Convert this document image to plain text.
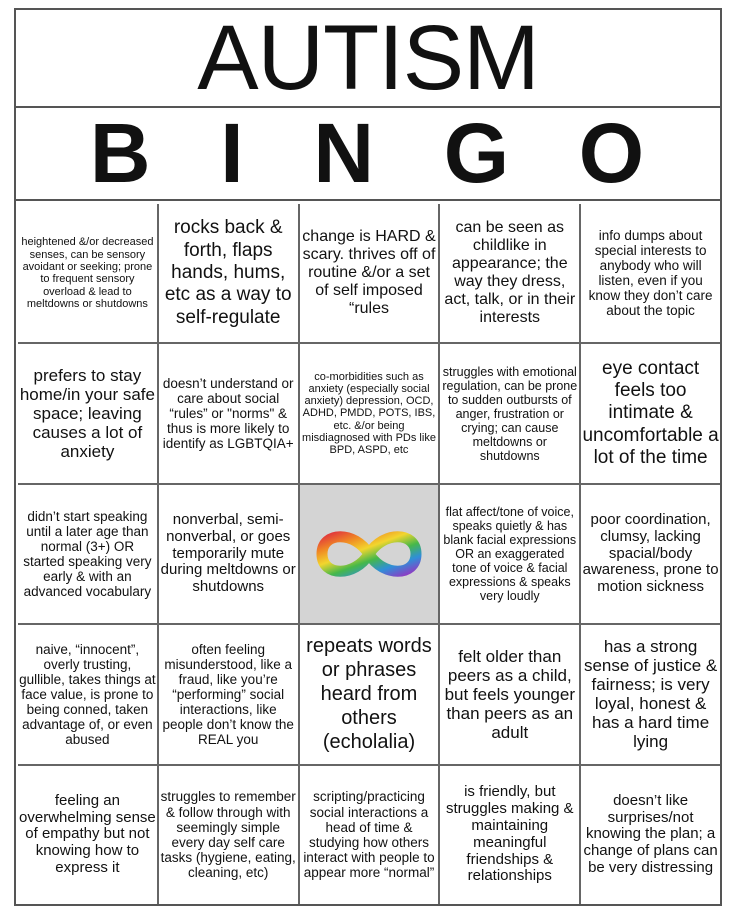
AUTISM
B I N G O
heightened &/or decreased senses, can be sensory avoidant or seeking; prone to frequent sensory overload & lead to meltdowns or shutdowns
rocks back & forth, flaps hands, hums, etc as a way to self-regulate
change is HARD & scary. thrives off of routine &/or a set of self imposed “rules
can be seen as childlike in appearance; the way they dress, act, talk, or in their interests
info dumps about special interests to anybody who will listen, even if you know they don’t care about the topic
prefers to stay home/in your safe space; leaving causes a lot of anxiety
doesn’t understand or care about social “rules” or "norms" & thus is more likely to identify as LGBTQIA+
co-morbidities such as anxiety (especially social anxiety) depression, OCD, ADHD, PMDD, POTS, IBS, etc. &/or being misdiagnosed with PDs like BPD, ASPD, etc
struggles with emotional regulation, can be prone to sudden outbursts of anger, frustration or crying; can cause meltdowns or shutdowns
eye contact feels too intimate & uncomfortable a lot of the time
didn’t start speaking until a later age than normal (3+) OR started speaking very early & with an advanced vocabulary
nonverbal, semi-nonverbal, or goes temporarily mute during meltdowns or shutdowns
flat affect/tone of voice, speaks quietly & has blank facial expressions OR an exaggerated tone of voice & facial expressions & speaks very loudly
poor coordination, clumsy, lacking spacial/body awareness, prone to motion sickness
naive, “innocent”, overly trusting, gullible, takes things at face value, is prone to being conned, taken advantage of, or even abused
often feeling misunderstood, like a fraud, like you’re “performing” social interactions, like people don’t know the REAL you
repeats words or phrases heard from others (echolalia)
felt older than peers as a child, but feels younger than peers as an adult
has a strong sense of justice & fairness; is very loyal, honest & has a hard time lying
feeling an overwhelming sense of empathy but not knowing how to express it
struggles to remember & follow through with seemingly simple every day self care tasks (hygiene, eating, cleaning, etc)
scripting/practicing social interactions a head of time & studying how others interact with people to appear more “normal”
is friendly, but struggles making & maintaining meaningful friendships & relationships
doesn’t like surprises/not knowing the plan; a change of plans can be very distressing
